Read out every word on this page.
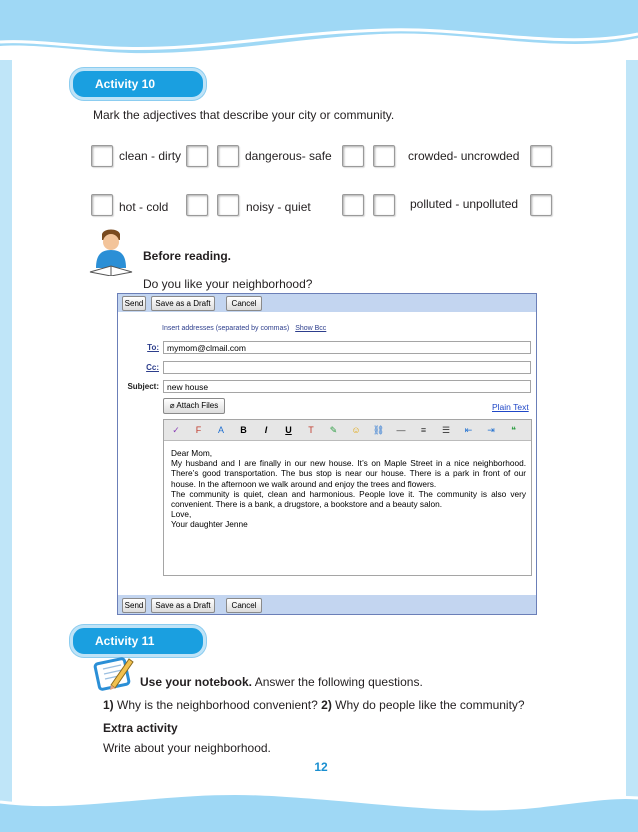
Activity 10
Mark the adjectives that describe your city or community.
clean - dirty	dangerous- safe	crowded- uncrowded
hot - cold	noisy - quiet	polluted - unpolluted
Before reading.
Do you like your neighborhood?
Send	Save as a Draft	Cancel
Insert addresses (separated by commas) Show Bcc
To: mymom@clmail.com
Cc:
Subject: new house
⌀ Attach Files	Plain Text
✓	F	A	B	I	U	T	✎	☺	⛓	—	≡	☰	⇤	⇥	❝

Dear Mom,

My husband and I are finally in our new house. It’s on Maple Street in a nice neighborhood. There’s good transportation. The bus stop is near our house. There is a park in front of our house. In the afternoon we walk around and enjoy the trees and flowers.

The community is quiet, clean and harmonious. People love it. The community is also very convenient. There is a bank, a drugstore, a bookstore and a beauty salon.

Love,

Your daughter Jenne

Send	Save as a Draft	Cancel
Activity 11
Use your notebook. Answer the following questions.
1) Why is the neighborhood convenient? 2) Why do people like the community?
Extra activity
Write about your neighborhood.
12
